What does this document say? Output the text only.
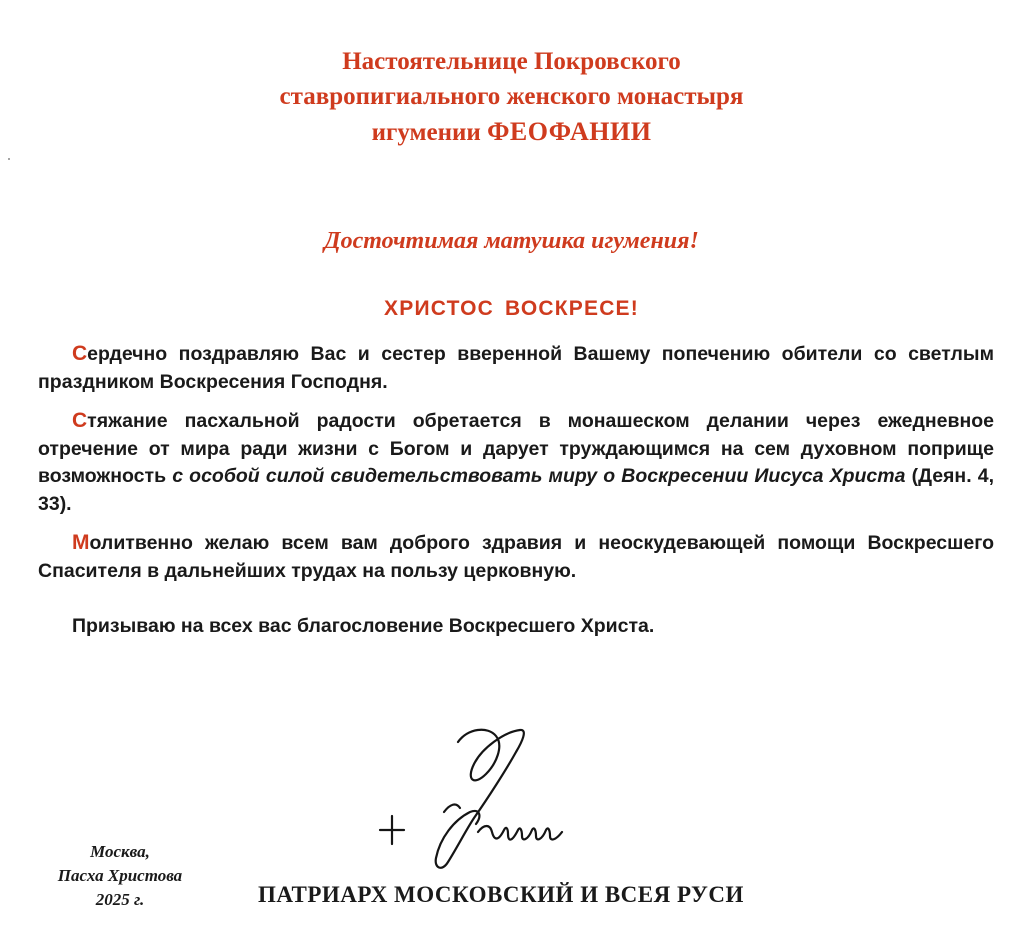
Настоятельнице Покровского
ставропигиального женского монастыря
игумении ФЕОФАНИИ
Досточтимая матушка игумения!
ХРИСТОС ВОСКРЕСЕ!

Сердечно поздравляю Вас и сестер вверенной Вашему попечению обители со светлым праздником Воскресения Господня.

Стяжание пасхальной радости обретается в монашеском делании через ежедневное отречение от мира ради жизни с Богом и дарует труждающимся на сем духовном поприще возможность с особой силой свидетельствовать миру о Воскресении Иисуса Христа (Деян. 4, 33).

Молитвенно желаю всем вам доброго здравия и неоскудевающей помощи Воскресшего Спасителя в дальнейших трудах на пользу церковную.

Призываю на всех вас благословение Воскресшего Христа.

Москва,
Пасха Христова
2025 г.	ПАТРИАРХ МОСКОВСКИЙ И ВСЕЯ РУСИ
